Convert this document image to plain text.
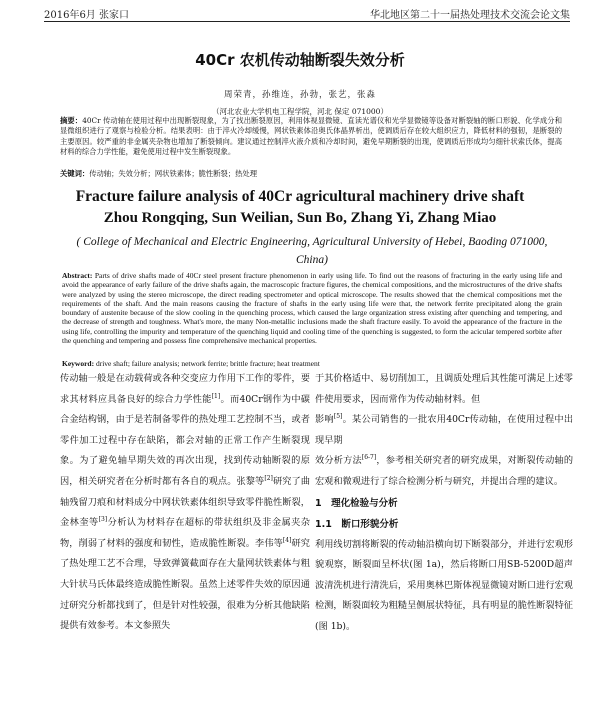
2016年6月 张家口	华北地区第二十一届热处理技术交流会论文集
40Cr 农机传动轴断裂失效分析
周荣青，孙维连，孙勃，张艺，张淼
（河北农业大学机电工程学院，河北 保定 071000）
摘要：40Cr 传动轴在使用过程中出现断裂现象，为了找出断裂原因，利用体视显微镜、直读光谱仪和光学显微镜等设备对断裂轴的断口形貌、化学成分和显微组织进行了观察与检验分析。结果表明：由于淬火冷却缓慢，网状铁素体沿奥氏体晶界析出，使调质后存在较大组织应力，降低材料的强韧，是断裂的主要原因。较严重的非金属夹杂物也增加了断裂倾向。建议通过控制淬火液介质和冷却时间，避免早期断裂的出现，使调质后形成均匀细针状索氏体，提高材料的综合力学性能，避免使用过程中发生断裂现象。
关键词：传动轴；失效分析；网状铁素体；脆性断裂；热处理
Fracture failure analysis of 40Cr agricultural machinery drive shaft
Zhou Rongqing, Sun Weilian, Sun Bo, Zhang Yi, Zhang Miao
( College of Mechanical and Electric Engineering, Agricultural University of Hebei, Baoding 071000, China)
Abstract: Parts of drive shafts made of 40Cr steel present fracture phenomenon in early using life. To find out the reasons of fracturing in the early using life and avoid the appearance of early failure of the drive shafts again, the macroscopic fracture figures, the chemical compositions, and the microstructures of the drive shafts were analyzed by using the stereo microscope, the direct reading spectrometer and optical microscope. The results showed that the chemical compositions met the requirements of the shaft. And the main reasons causing the fracture of shafts in the early using life were that, the network ferrite precipitated along the grain boundary of austenite because of the slow cooling in the quenching process, which caused the large organization stress existing after quenching and tempering, and the decrease of strength and toughness. What's more, the many Non-metallic inclusions made the shaft fracture easily. To avoid the appearance of the fracture in the using life, controlling the impurity and temperature of the quenching liquid and cooling time of the quenching is suggested, to form the acicular tempered sorbite after the quenching and tempering and possess fine comprehensive mechanical properties.
Keyword: drive shaft; failure analysis; network ferrite; brittle fracture; heat treatment

传动轴一般是在动载荷或各种交变应力作用下工作的零件，要求其材料应具备良好的综合力学性能[1]。而40Cr钢作为中碳合金结构钢，由于是若制备零件的热处理工艺控制不当，或者零件加工过程中存在缺陷，都会对轴的正常工作产生断裂现象。为了避免轴早期失效的再次出现，找到传动轴断裂的原因，相关研究者在分析时都有各自的观点。张黎等[2]研究了曲轴残留刀痕和材料成分中网状铁素体组织导致零件脆性断裂，金林奎等[3]分析认为材料存在超标的带状组织及非金属夹杂物，削弱了材料的强度和韧性，造成脆性断裂。李伟等[4]研究了热处理工艺不合理，导致弹簧截面存在大量网状铁素体与粗大针状马氏体最终造成脆性断裂。虽然上述零件失效的原因通过研究分析都找到了，但是针对性较强，很难为分析其他缺陷提供有效参考。本文参照失

于其价格适中、易切削加工，且调质处理后其性能可满足上述零件使用要求，因而常作为传动轴材料。但

影响[5]。某公司销售的一批农用40Cr传动轴，在使用过程中出现早期

效分析方法[6-7]，参考相关研究者的研究成果，对断裂传动轴的宏观和微观进行了综合检测分析与研究，并提出合理的建议。

1　理化检验与分析

1.1　断口形貌分析

利用线切割将断裂的传动轴沿横向切下断裂部分，并进行宏观形貌观察，断裂面呈杯状(图 1a)，然后将断口用SB-5200D超声波清洗机进行清洗后，采用奥林巴斯体视显微镜对断口进行宏观检测，断裂面较为粗糙呈侧展状特征，具有明显的脆性断裂特征(图 1b)。
